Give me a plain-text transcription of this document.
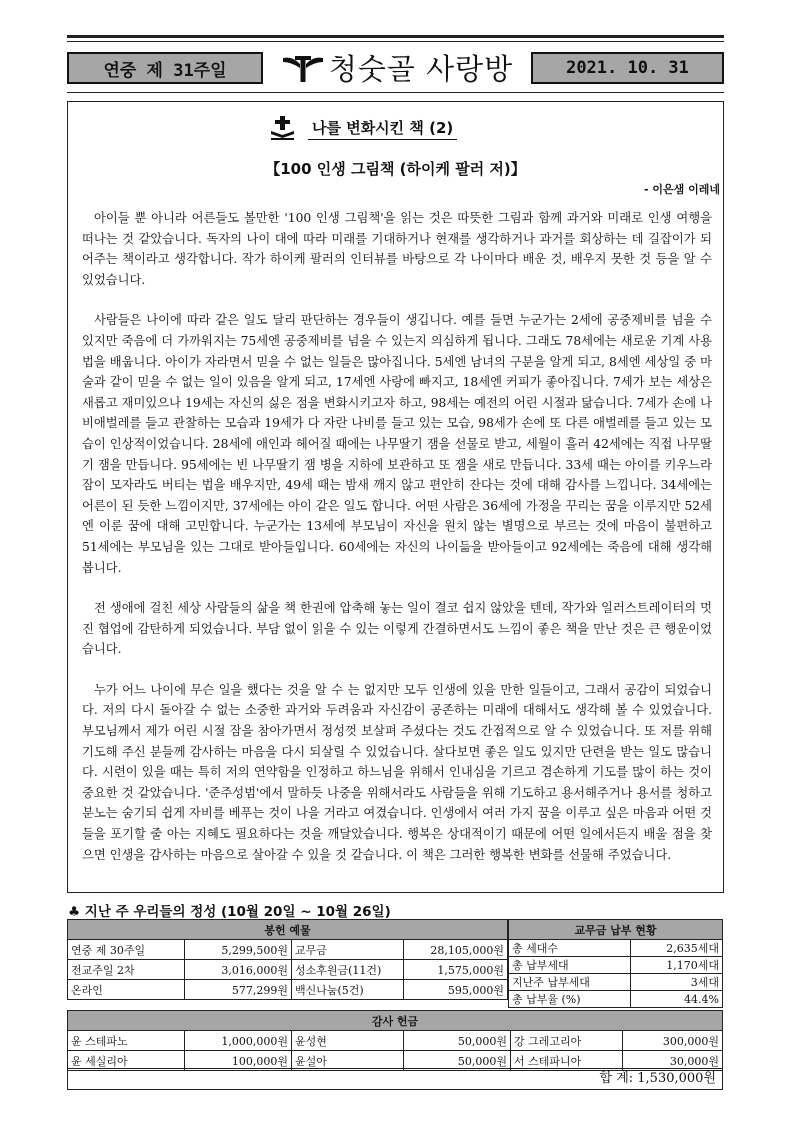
연중 제 31주일	청숫골 사랑방	2021. 10. 31
나를 변화시킨 책 (2)
【100 인생 그림책 (하이케 팔러 저)】
- 이은샘 이레네

아이들 뿐 아니라 어른들도 볼만한 '100 인생 그림책'을 읽는 것은 따뜻한 그림과 함께 과거와 미래로 인생 여행을 떠나는 것 같았습니다. 독자의 나이 대에 따라 미래를 기대하거나 현재를 생각하거나 과거를 회상하는 데 길잡이가 되어주는 책이라고 생각합니다. 작가 하이케 팔러의 인터뷰를 바탕으로 각 나이마다 배운 것, 배우지 못한 것 등을 알 수 있었습니다.

사람들은 나이에 따라 같은 일도 달리 판단하는 경우들이 생깁니다. 예를 들면 누군가는 2세에 공중제비를 넘을 수 있지만 죽음에 더 가까워지는 75세엔 공중제비를 넘을 수 있는지 의심하게 됩니다. 그래도 78세에는 새로운 기계 사용법을 배웁니다. 아이가 자라면서 믿을 수 없는 일들은 많아집니다. 5세엔 남녀의 구분을 알게 되고, 8세엔 세상일 중 마술과 같이 믿을 수 없는 일이 있음을 알게 되고, 17세엔 사랑에 빠지고, 18세엔 커피가 좋아집니다. 7세가 보는 세상은 새롭고 재미있으나 19세는 자신의 싫은 점을 변화시키고자 하고, 98세는 예전의 어린 시절과 닮습니다. 7세가 손에 나비애벌레를 들고 관찰하는 모습과 19세가 다 자란 나비를 들고 있는 모습, 98세가 손에 또 다른 애벌레를 들고 있는 모습이 인상적이었습니다. 28세에 애인과 헤어질 때에는 나무딸기 잼을 선물로 받고, 세월이 흘러 42세에는 직접 나무딸기 잼을 만듭니다. 95세에는 빈 나무딸기 잼 병을 지하에 보관하고 또 잼을 새로 만듭니다. 33세 때는 아이를 키우느라 잠이 모자라도 버티는 법을 배우지만, 49세 때는 밤새 깨지 않고 편안히 잔다는 것에 대해 감사를 느낍니다. 34세에는 어른이 된 듯한 느낌이지만, 37세에는 아이 같은 일도 합니다. 어떤 사람은 36세에 가정을 꾸리는 꿈을 이루지만 52세엔 이룬 꿈에 대해 고민합니다. 누군가는 13세에 부모님이 자신을 원치 않는 별명으로 부르는 것에 마음이 불편하고 51세에는 부모님을 있는 그대로 받아들입니다. 60세에는 자신의 나이듦을 받아들이고 92세에는 죽음에 대해 생각해 봅니다.

전 생애에 걸친 세상 사람들의 삶을 책 한권에 압축해 놓는 일이 결코 쉽지 않았을 텐데, 작가와 일러스트레이터의 멋진 협업에 감탄하게 되었습니다. 부담 없이 읽을 수 있는 이렇게 간결하면서도 느낌이 좋은 책을 만난 것은 큰 행운이었습니다.

누가 어느 나이에 무슨 일을 했다는 것을 알 수 는 없지만 모두 인생에 있을 만한 일들이고, 그래서 공감이 되었습니다. 저의 다시 돌아갈 수 없는 소중한 과거와 두려움과 자신감이 공존하는 미래에 대해서도 생각해 볼 수 있었습니다. 부모님께서 제가 어린 시절 잠을 참아가면서 정성껏 보살펴 주셨다는 것도 간접적으로 알 수 있었습니다. 또 저를 위해 기도해 주신 분들께 감사하는 마음을 다시 되살릴 수 있었습니다. 살다보면 좋은 일도 있지만 단련을 받는 일도 많습니다. 시련이 있을 때는 특히 저의 연약함을 인정하고 하느님을 위해서 인내심을 기르고 겸손하게 기도를 많이 하는 것이 중요한 것 같았습니다. '준주성범'에서 말하듯 나중을 위해서라도 사람들을 위해 기도하고 용서해주거나 용서를 청하고 분노는 숨기되 쉽게 자비를 베푸는 것이 나을 거라고 여겼습니다. 인생에서 여러 가지 꿈을 이루고 싶은 마음과 어떤 것들을 포기할 줄 아는 지혜도 필요하다는 것을 깨달았습니다. 행복은 상대적이기 때문에 어떤 일에서든지 배울 점을 찾으면 인생을 감사하는 마음으로 살아갈 수 있을 것 같습니다. 이 책은 그러한 행복한 변화를 선물해 주었습니다.

♣ 지난 주 우리들의 정성 (10월 20일 ~ 10월 26일)
봉헌 예물			
연중 제 30주일	5,299,500원	교무금	28,105,000원
전교주일 2차	3,016,000원	성소후원금(11건)	1,575,000원
온라인	577,299원	백신나눔(5건)	595,000원
교무금 납부 현황	
총 세대수	2,635세대
총 납부세대	1,170세대
지난주 납부세대	3세대
총 납부율 (%)	44.4%
감사 헌금					
윤 스테파노	1,000,000원	윤성현	50,000원	강 그레고리아	300,000원
윤 세실리아	100,000원	윤설아	50,000원	서 스테파니아	30,000원
합 계: 1,530,000원
